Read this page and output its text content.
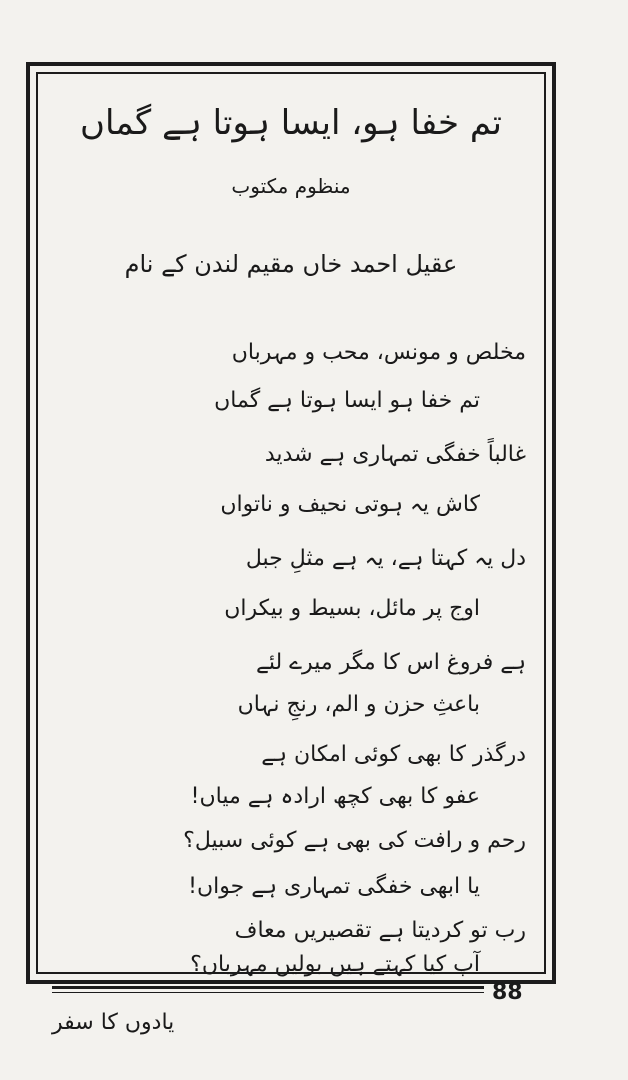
تم خفا ہو، ایسا ہوتا ہے گماں
منظوم مکتوب
عقیل احمد خاں مقیم لندن کے نام
مخلص و مونس، محب و مہرباں
تم خفا ہو ایسا ہوتا ہے گماں
غالباً خفگی تمہاری ہے شدید
کاش یہ ہوتی نحیف و ناتواں
دل یہ کہتا ہے، یہ ہے مثلِ جبل
اوج پر مائل، بسیط و بیکراں
ہے فروغ اس کا مگر میرے لئے
باعثِ حزن و الم، رنجِ نہاں
درگذر کا بھی کوئی امکان ہے
عفو کا بھی کچھ ارادہ ہے میاں!
رحم و رافت کی بھی ہے کوئی سبیل؟
یا ابھی خفگی تمہاری ہے جواں!
رب تو کردیتا ہے تقصیریں معاف
آپ کیا کہتے ہیں بولیں مہرباں؟
88
یادوں کا سفر
